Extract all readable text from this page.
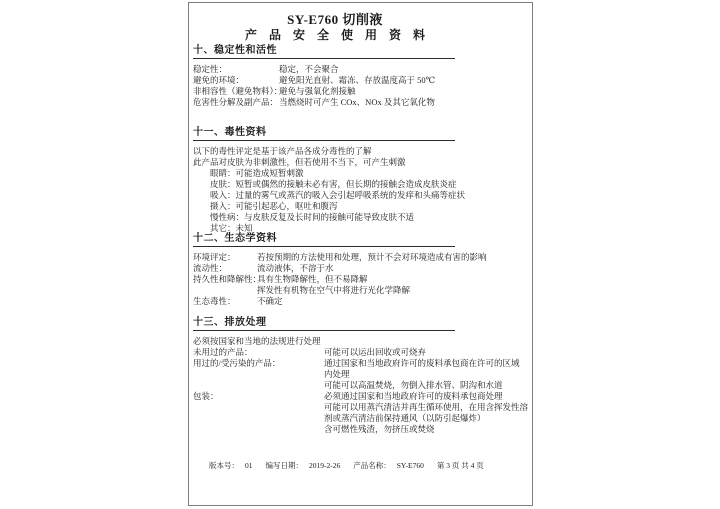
SY-E760 切削液
产品安全使用资料
十、稳定性和活性
稳定性：	稳定，不会聚合
避免的环境：	避免阳光直射、霜冻、存放温度高于 50℃
非相容性（避免物料）：
避免与强氧化剂接触
危害性分解及副产品： 当燃烧时可产生 COx、NOx 及其它氧化物
十一、毒性资料
以下的毒性评定是基于该产品各成分毒性的了解
此产品对皮肤为非刺激性，但若使用不当下，可产生刺激
眼睛：可能造成短暂刺激
皮肤：短暂或偶然的接触未必有害，但长期的接触会造成皮肤炎症
吸入：过量的雾气或蒸汽的吸入会引起呼吸系统的发痒和头痛等症状
摄入：可能引起恶心，呕吐和腹泻
慢性病：与皮肤反复及长时间的接触可能导致皮肤不适
其它：未知
十二、生态学资料
环境评定：	若按预期的方法使用和处理，预计不会对环境造成有害的影响
流动性：	流动液体，不溶于水
持久性和降解性：
具有生物降解性，但不易降解
挥发性有机物在空气中将进行光化学降解
生态毒性：	不确定
十三、排放处理
必须按国家和当地的法规进行处理
未用过的产品：	可能可以运出回收或可烧弃
用过的/受污染的产品：	通过国家和当地政府许可的废料承包商在许可的区域
内处理
可能可以高温焚烧，勿倒入排水管、阴沟和水道
包装：	必须通过国家和当地政府许可的废料承包商处理
可能可以用蒸汽清洁并再生循环使用，在用含挥发性溶
剂或蒸汽清洁前保持通风（以防引起爆炸）
含可燃性残渣，勿挤压或焚烧
版本号： 01 编写日期： 2019-2-26 产品名称： SY-E760 第 3 页 共 4 页
